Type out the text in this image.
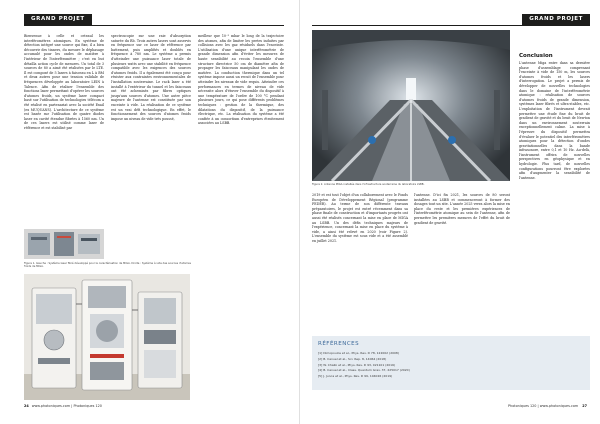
GRAND PROJET

Bienvenue à celle et ceteaul les interférométres atomiques. En système de détection intégré une source qui fixe, il a bien découvrir des tinners, du mesure le déphasage accumulé pour les ondes de matière à l'intérieur de l'interféromètre ; c'est en but détailla action cycle de mesures. Un total de 3 sources de 80 a aimé été réalisées par le LTE. Il est composé de 5 lasers à faisceau en L à BM et deux autres pour une tension validale de fréquences développée au laboratoire LEIN à Talence. Afin de réaliser l'ensemble des fonctions laser permettant d'opérer les sources d'atomes froids, un système laser compact basé sur l'utilisation de technologies télécom a été réalisé en partenariat avec la société Exail (ex MUQUANS). L'architecture de ce système est basée sur l'utilisation de quatre diodes laser en cavité étendue fibrées à 1560 nm. Un de ces lasers est utilisé comme laser de référence et est stabilisé par

spectroscopie sur une raie d'absorption saturée du Rb. Trois autres lasers sont asservis en fréquence sur ce laser de référence par battement, puis amplifiés et doublés en fréquence à 780 nm. Le système a permis d'atteindre une puissance laser totale de plusieurs watts avec une stabilité en fréquence compatible avec les exigences des sources d'atomes froids. Il a également été conçu pour résister aux contraintes environnementales de l'installation souterraine. Le rack laser a été installé à l'extérieur du tunnel et les faisceaux ont été acheminés par fibres optiques jusqu'aux sources d'atomes. Une autre pièce majeure de l'antenne est constituée par son enceinte à vide. La réalisation de ce système est un vrai défi technologique. En effet, le fonctionnement des sources d'atomes froids impose un niveau de vide très poussé,

meilleur que 10⁻⁹ mbar le long de la trajectoire des atomes, afin de limiter les pertes induites par collisions avec les gaz résiduels dans l'enceinte. L'utilisation d'une unique interférométrie de grande dimension afin d'éviter les mesures de haute sensibilité au recoin l'ensemble d'une structure directrice 50 cm de diamètre afin de propager les faisceaux manipulant les ondes de matière. La conduction thermique dans un tel système impose aussi un recuit de l'ensemble pour atteindre les niveaux de vide requis. Atteindre ces performances en termes de niveau de vide nécessite alors d'étuver l'ensemble du dispositif à une température de l'ordre de 100 °C pendant plusieurs jours, ce qui pose différents problèmes techniques : gestion de la thermique, des dilatations du dispositif, de la puissance électrique, etc. La réalisation du système a été confiée à un consortium d'entreprises étroitement associées au LSBB.

Figure 1. Gauche : Système laser fibré développé pour la caractérisation de MIGA. Droite : Système à vide des sources d'atomes froids de MIGA.
24 www.photoniques.com | Photoniques 120
GRAND PROJET
Figure 2. Antenne MIGA installée dans l'infrastructure souterraine du laboratoire LSBB.

2019 et est tout l'objet d'un collaborement avec le Fonds Européen de Développement Régional (programme FEDER). Au terme de son différente travaux préparatoires, le projet est entré récemment dans sa phase finale de construction et d'importants progrès ont aussi été réalisés concernant la mise en place de MIGA au LSBB. Un des défis techniques majeurs de l'expérience, concernant la mise en place du système à vide, a ainsi été relevé en 2020 (voir Figure 2). L'ensemble du système est sous vide et a été assemblé en juillet 2021.

l'antenne. D'ici fin 2021, les sources de 80 seront installées au LSBB et commenceront à former des dosages tout un site. L'année 2025 verra alors la mise en place du reste et les premières expériences de l'interférométrie atomique au sein de l'antenne, afin de permettre les premières mesures de l'effet du bruit de gradient de gravité.

Conclusion

L'antenne Miga entre dans sa dernière phase d'assemblage comprenant l'enceinte à vide de 150 m, les sources d'atomes froids et les lasers d'interrogation. Le projet a permis de développer de nouvelles technologies dans le domaine de l'interférométrie atomique : réalisation de sources d'atomes froids de grande dimension, systèmes laser fibrés et ultra-stables, etc. L'exploitation de l'instrument devrait permettre une étude fine du bruit de gradient de gravité et du bruit de Newton dans un environnement souterrain exceptionnellement calme. La mise à l'épreuve du dispositif permettra d'évaluer le potentiel des interféromètres atomiques pour la détection d'ondes gravitationnelles dans la bande infrasonore, entre 0,1 et 10 Hz. Au-delà, l'instrument offrira de nouvelles perspectives en géophysique et en hydrologie. Plus tard, de nouvelles configurations pourront être explorées afin d'augmenter la sensibilité de l'antenne.

RÉFÉRENCES
[1] Dimopoulos et al., Phys. Rev. D 78, 122002 (2008)
[2] B. Canuel et al., Sci. Rep. 8, 14064 (2018)
[3] W. Chaibi et al., Phys. Rev. D 93, 021101 (2016)
[4] B. Canuel et al., Class. Quantum Grav. 37, 225017 (2020)
[5] J. Junca et al., Phys. Rev. D 99, 104026 (2019)
Photoniques 120 | www.photoniques.com 27
